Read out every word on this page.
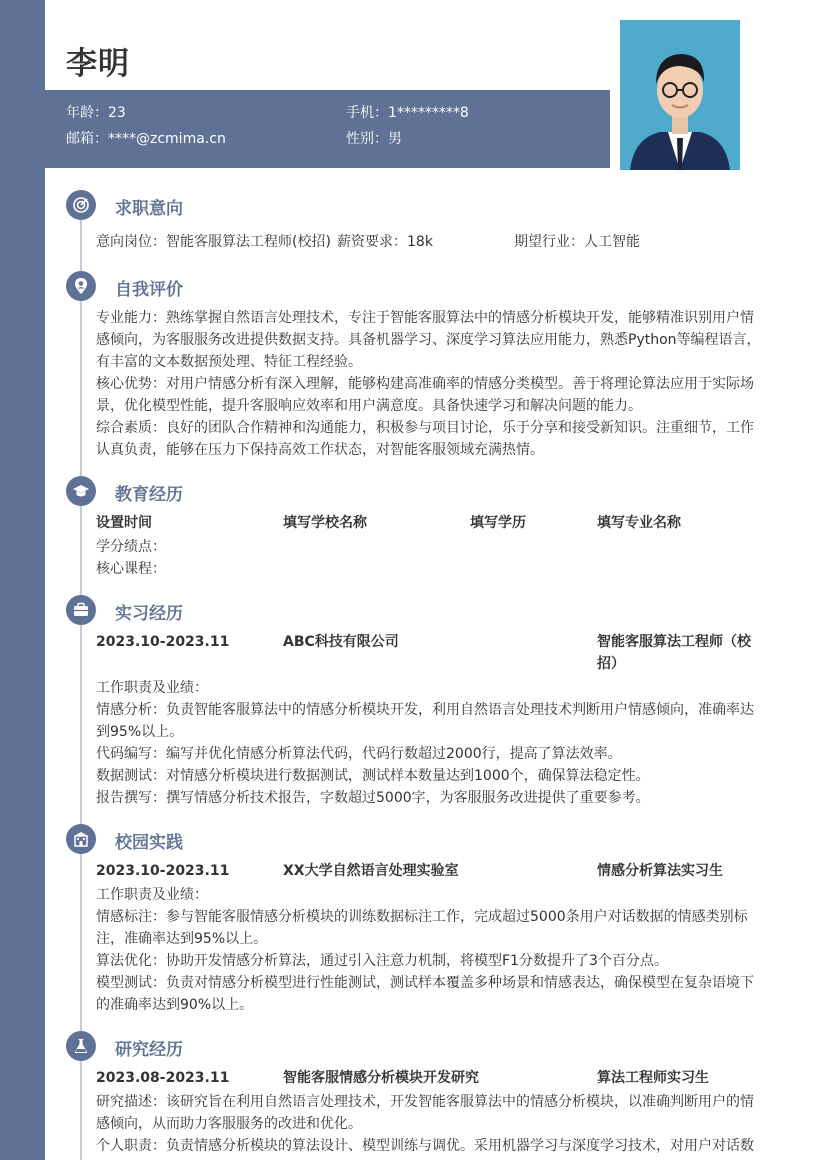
李明
年龄：23	手机：1*********8
邮箱：****@zcmima.cn	性别：男
求职意向
意向岗位：智能客服算法工程师(校招) 薪资要求：18k	期望行业：人工智能
自我评价
专业能力：熟练掌握自然语言处理技术，专注于智能客服算法中的情感分析模块开发，能够精准识别用户情感倾向，为客服服务改进提供数据支持。具备机器学习、深度学习算法应用能力，熟悉Python等编程语言，有丰富的文本数据预处理、特征工程经验。
核心优势：对用户情感分析有深入理解，能够构建高准确率的情感分类模型。善于将理论算法应用于实际场景，优化模型性能，提升客服响应效率和用户满意度。具备快速学习和解决问题的能力。
综合素质：良好的团队合作精神和沟通能力，积极参与项目讨论，乐于分享和接受新知识。注重细节，工作认真负责，能够在压力下保持高效工作状态，对智能客服领域充满热情。
教育经历
设置时间	填写学校名称	填写学历	填写专业名称
学分绩点：
核心课程：
实习经历
2023.10-2023.11	ABC科技有限公司	智能客服算法工程师（校招）
工作职责及业绩：
情感分析：负责智能客服算法中的情感分析模块开发，利用自然语言处理技术判断用户情感倾向，准确率达到95%以上。
代码编写：编写并优化情感分析算法代码，代码行数超过2000行，提高了算法效率。
数据测试：对情感分析模块进行数据测试，测试样本数量达到1000个，确保算法稳定性。
报告撰写：撰写情感分析技术报告，字数超过5000字，为客服服务改进提供了重要参考。
校园实践
2023.10-2023.11	XX大学自然语言处理实验室	情感分析算法实习生
工作职责及业绩：
情感标注：参与智能客服情感分析模块的训练数据标注工作，完成超过5000条用户对话数据的情感类别标注，准确率达到95%以上。
算法优化：协助开发情感分析算法，通过引入注意力机制，将模型F1分数提升了3个百分点。
模型测试：负责对情感分析模型进行性能测试，测试样本覆盖多种场景和情感表达，确保模型在复杂语境下的准确率达到90%以上。
研究经历
2023.08-2023.11	智能客服情感分析模块开发研究	算法工程师实习生
研究描述：该研究旨在利用自然语言处理技术，开发智能客服算法中的情感分析模块，以准确判断用户的情感倾向，从而助力客服服务的改进和优化。
个人职责：负责情感分析模块的算法设计、模型训练与调优。采用机器学习与深度学习技术，对用户对话数
